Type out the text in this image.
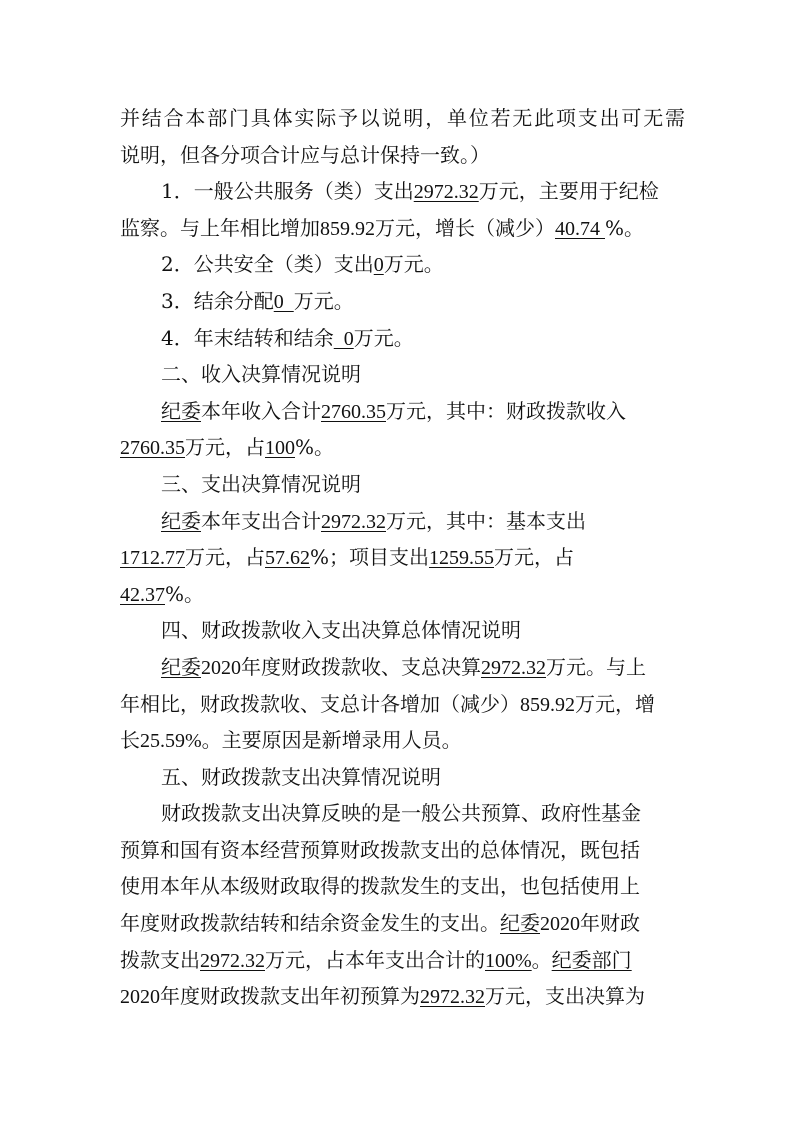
并结合本部门具体实际予以说明，单位若无此项支出可无需
说明，但各分项合计应与总计保持一致。）
1．一般公共服务（类）支出2972.32万元，主要用于纪检
监察。与上年相比增加859.92万元，增长（减少）40.74 %。
2．公共安全（类）支出0万元。
3．结余分配0  万元。
4．年末结转和结余  0万元。
二、收入决算情况说明
纪委本年收入合计2760.35万元，其中：财政拨款收入
2760.35万元，占100%。
三、支出决算情况说明
纪委本年支出合计2972.32万元，其中：基本支出
1712.77万元，占57.62%；项目支出1259.55万元，占
42.37%。
四、财政拨款收入支出决算总体情况说明
纪委2020年度财政拨款收、支总决算2972.32万元。与上
年相比，财政拨款收、支总计各增加（减少）859.92万元，增
长25.59%。主要原因是新增录用人员。
五、财政拨款支出决算情况说明
财政拨款支出决算反映的是一般公共预算、政府性基金
预算和国有资本经营预算财政拨款支出的总体情况，既包括
使用本年从本级财政取得的拨款发生的支出，也包括使用上
年度财政拨款结转和结余资金发生的支出。纪委2020年财政
拨款支出2972.32万元，占本年支出合计的100%。纪委部门
2020年度财政拨款支出年初预算为2972.32万元，支出决算为
